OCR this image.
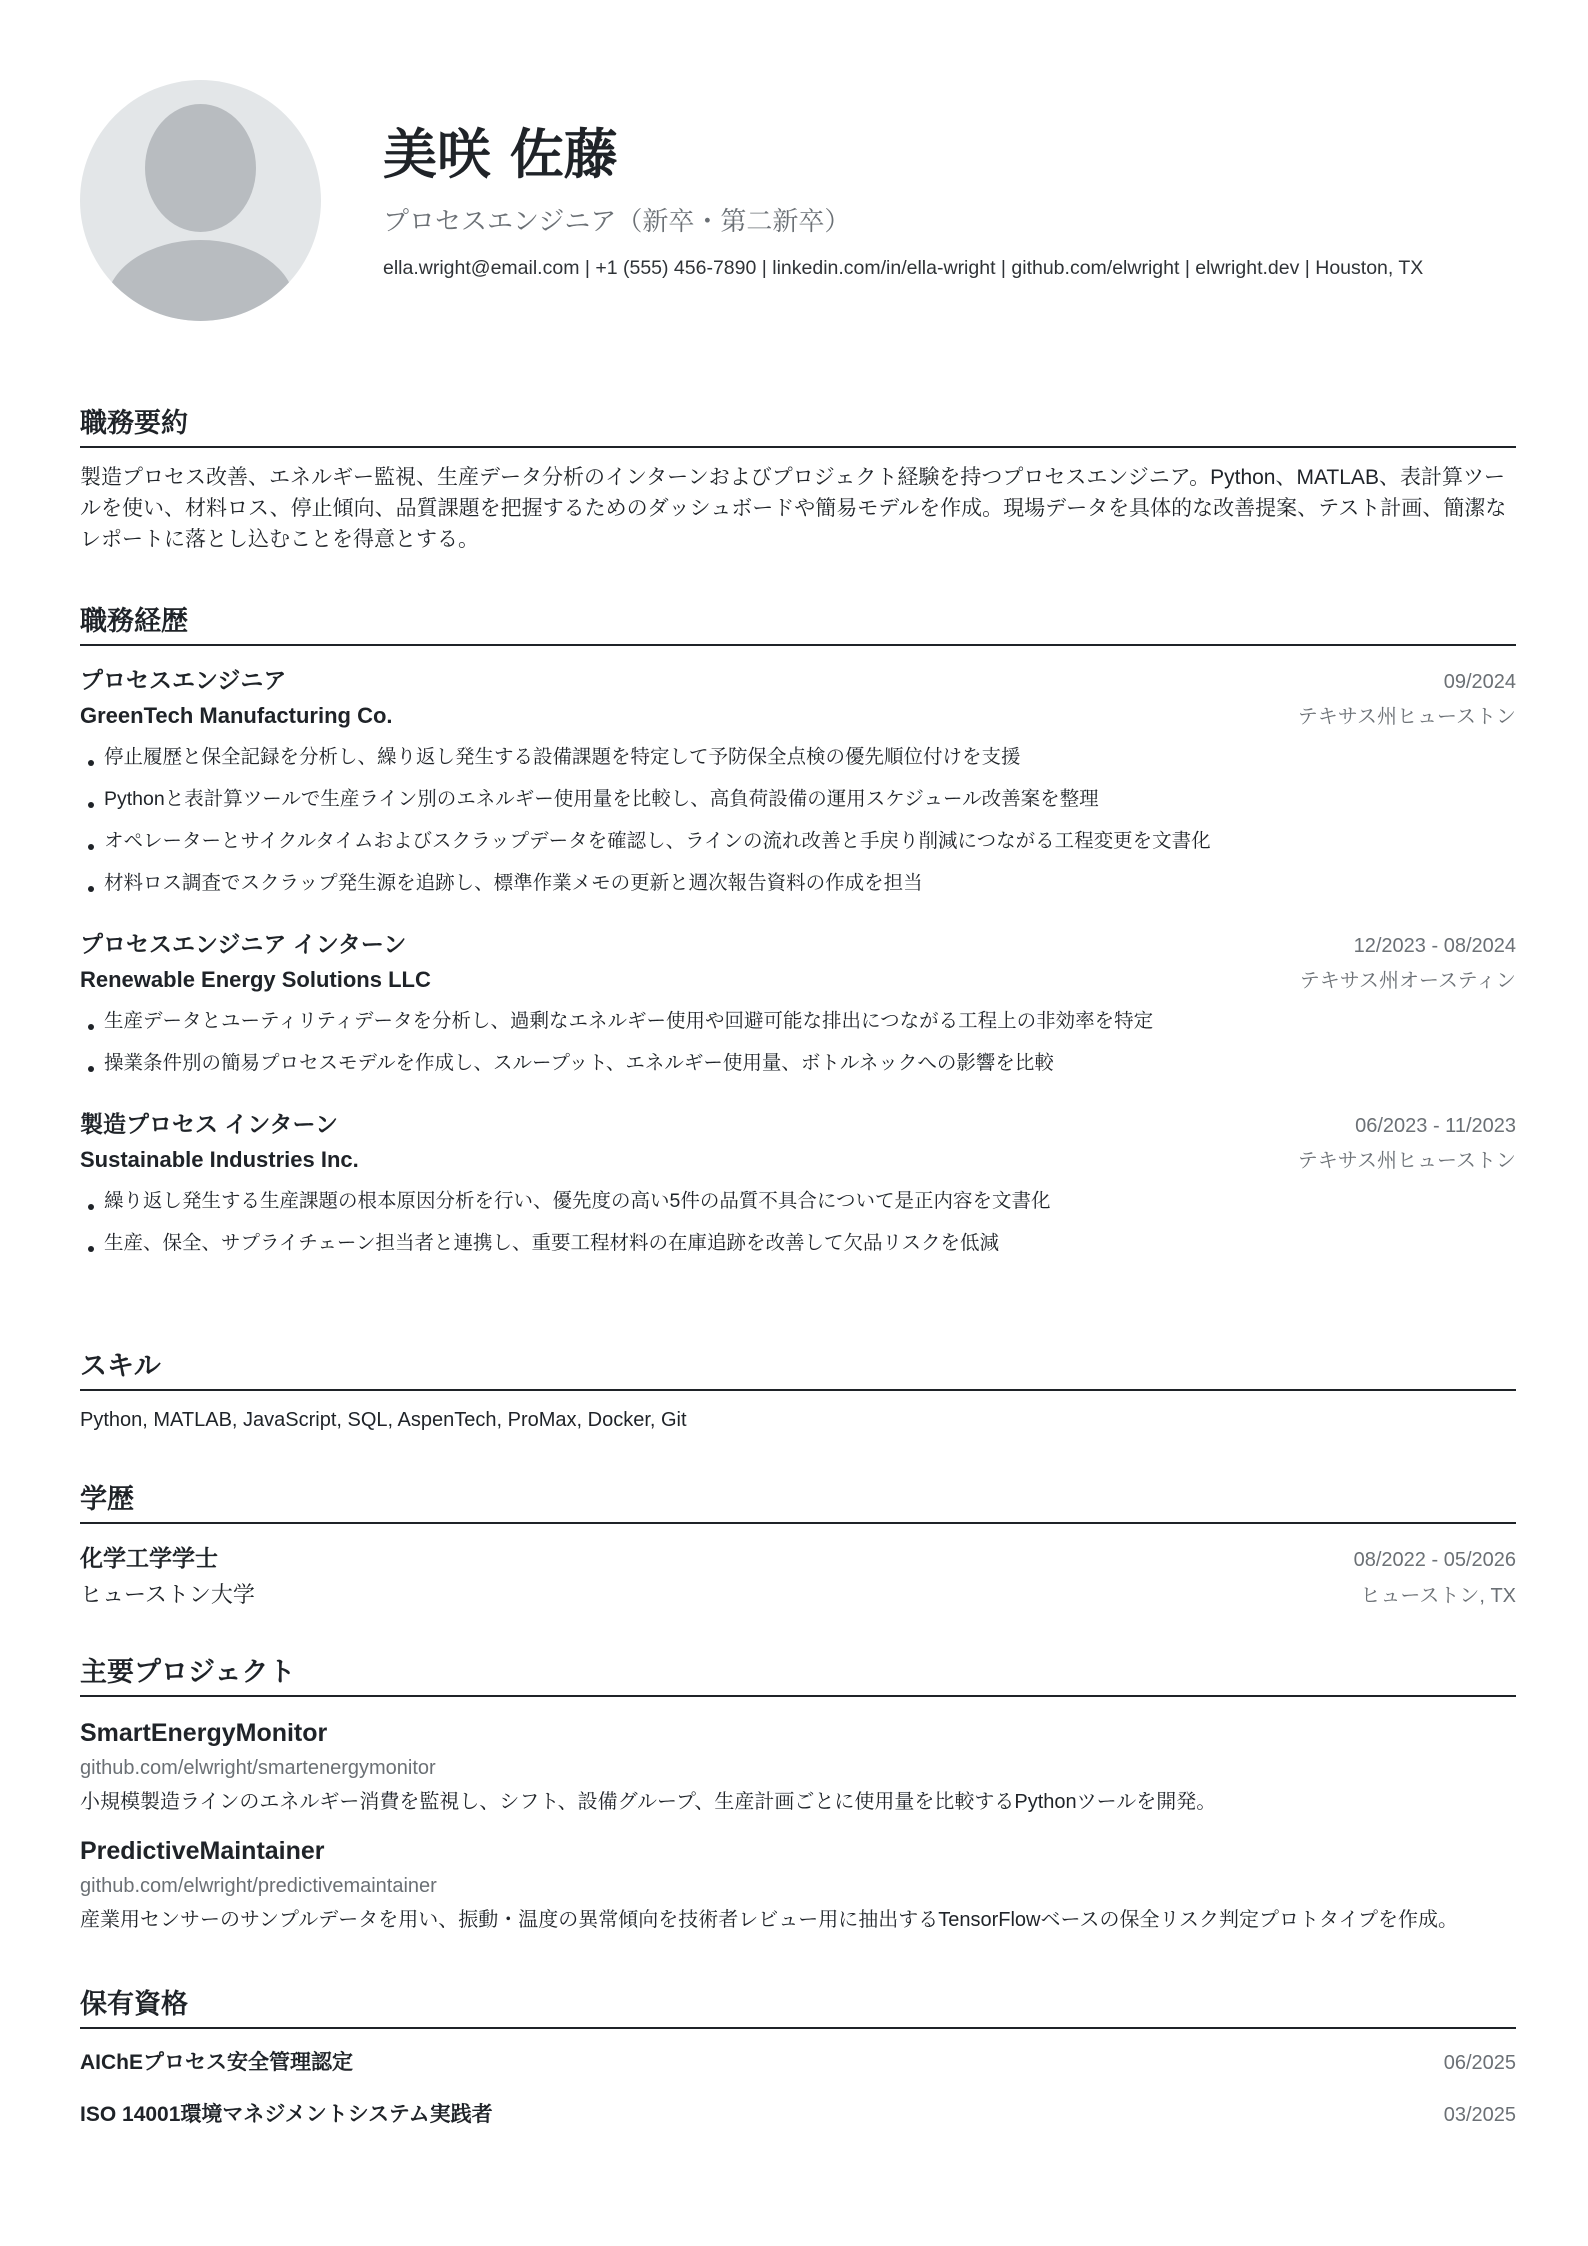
美咲 佐藤
プロセスエンジニア（新卒・第二新卒）
ella.wright@email.com | +1 (555) 456-7890 | linkedin.com/in/ella-wright | github.com/elwright | elwright.dev | Houston, TX
職務要約
製造プロセス改善、エネルギー監視、生産データ分析のインターンおよびプロジェクト経験を持つプロセスエンジニア。Python、MATLAB、表計算ツールを使い、材料ロス、停止傾向、品質課題を把握するためのダッシュボードや簡易モデルを作成。現場データを具体的な改善提案、テスト計画、簡潔なレポートに落とし込むことを得意とする。
職務経歴
プロセスエンジニア	09/2024
GreenTech Manufacturing Co.	テキサス州ヒューストン
停止履歴と保全記録を分析し、繰り返し発生する設備課題を特定して予防保全点検の優先順位付けを支援
Pythonと表計算ツールで生産ライン別のエネルギー使用量を比較し、高負荷設備の運用スケジュール改善案を整理
オペレーターとサイクルタイムおよびスクラップデータを確認し、ラインの流れ改善と手戻り削減につながる工程変更を文書化
材料ロス調査でスクラップ発生源を追跡し、標準作業メモの更新と週次報告資料の作成を担当
プロセスエンジニア インターン	12/2023 - 08/2024
Renewable Energy Solutions LLC	テキサス州オースティン
生産データとユーティリティデータを分析し、過剰なエネルギー使用や回避可能な排出につながる工程上の非効率を特定
操業条件別の簡易プロセスモデルを作成し、スループット、エネルギー使用量、ボトルネックへの影響を比較
製造プロセス インターン	06/2023 - 11/2023
Sustainable Industries Inc.	テキサス州ヒューストン
繰り返し発生する生産課題の根本原因分析を行い、優先度の高い5件の品質不具合について是正内容を文書化
生産、保全、サプライチェーン担当者と連携し、重要工程材料の在庫追跡を改善して欠品リスクを低減
スキル
Python, MATLAB, JavaScript, SQL, AspenTech, ProMax, Docker, Git
学歴
化学工学学士	08/2022 - 05/2026
ヒューストン大学	ヒューストン, TX
主要プロジェクト
SmartEnergyMonitor
github.com/elwright/smartenergymonitor
小規模製造ラインのエネルギー消費を監視し、シフト、設備グループ、生産計画ごとに使用量を比較するPythonツールを開発。
PredictiveMaintainer
github.com/elwright/predictivemaintainer
産業用センサーのサンプルデータを用い、振動・温度の異常傾向を技術者レビュー用に抽出するTensorFlowベースの保全リスク判定プロトタイプを作成。
保有資格
AIChEプロセス安全管理認定	06/2025
ISO 14001環境マネジメントシステム実践者	03/2025
